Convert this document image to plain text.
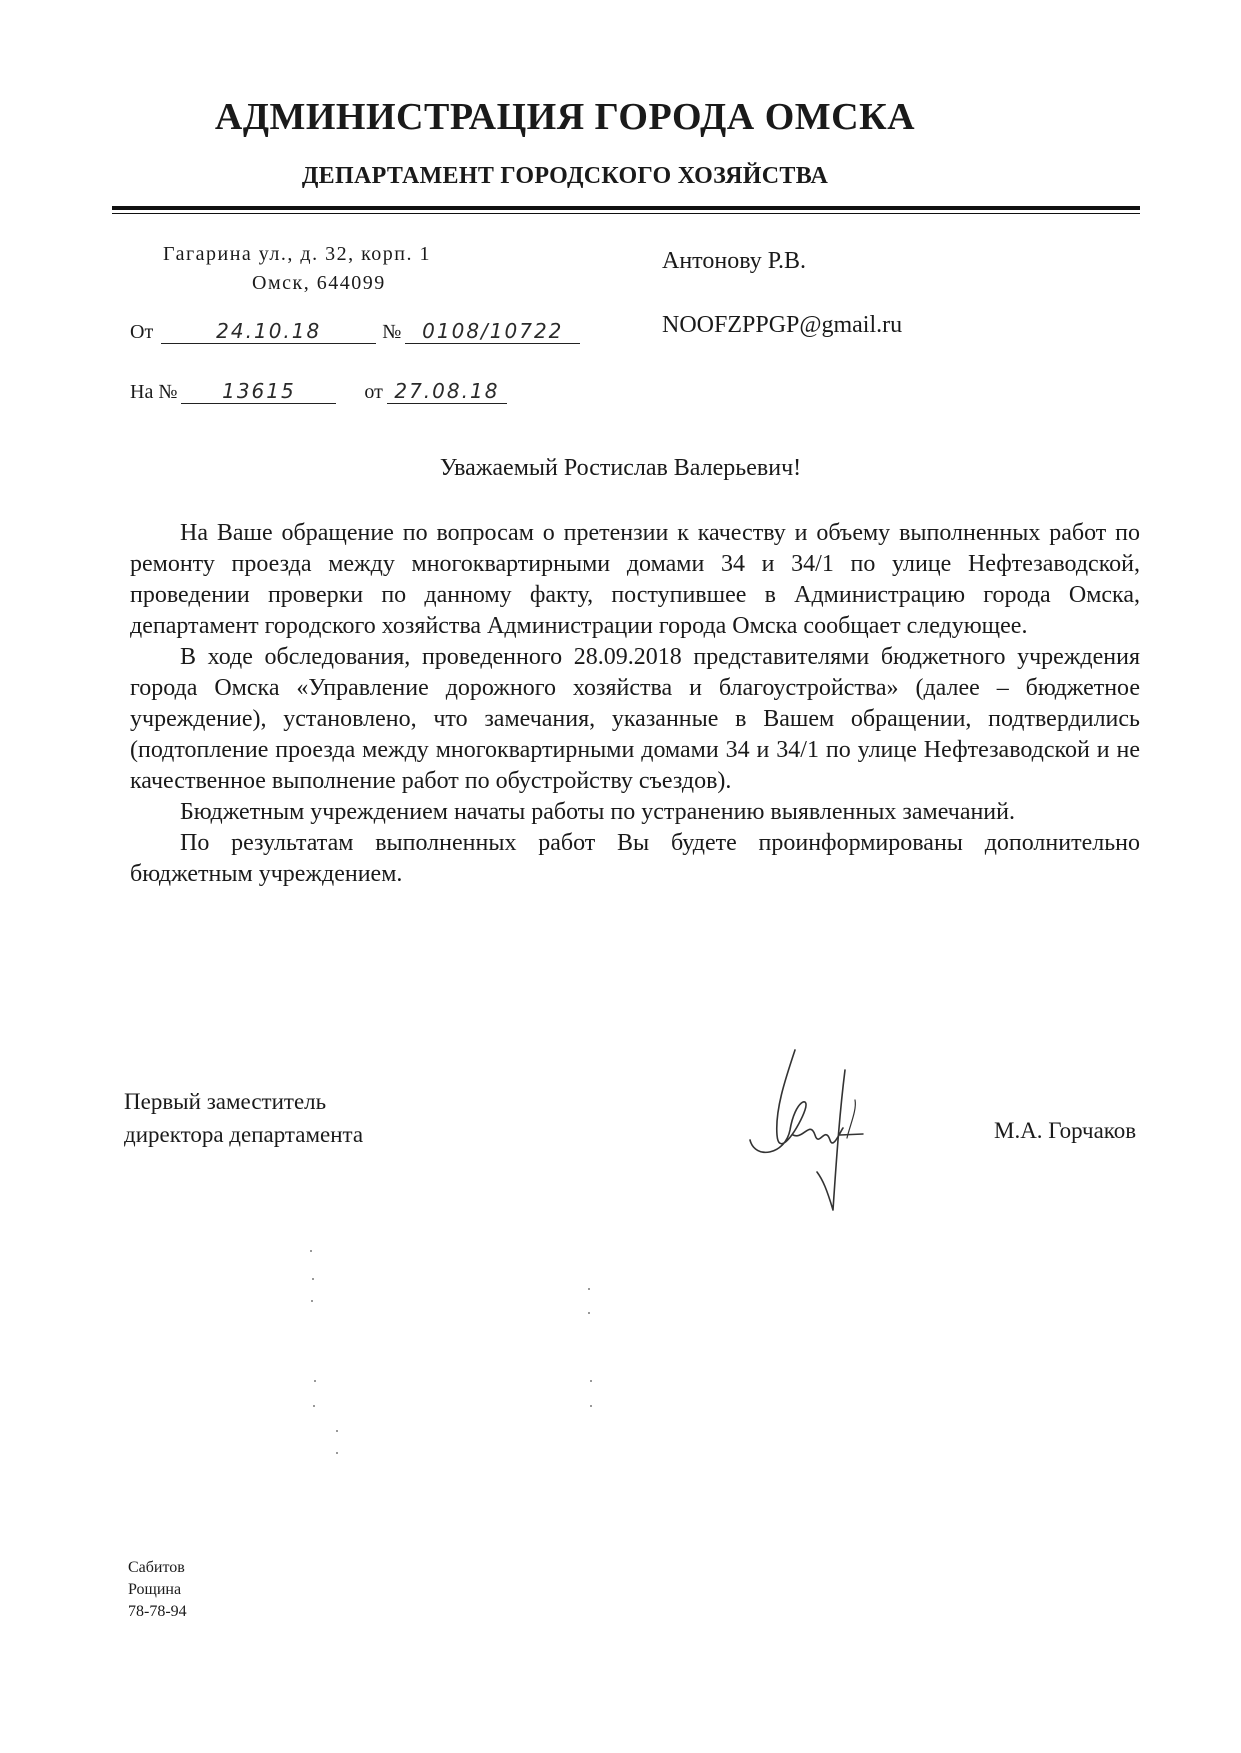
АДМИНИСТРАЦИЯ ГОРОДА ОМСКА
ДЕПАРТАМЕНТ ГОРОДСКОГО ХОЗЯЙСТВА
Гагарина ул., д. 32, корп. 1
Омск, 644099
От	24.10.18	№ 0108/10722
На № 13615	от 27.08.18
Антонову Р.В.
NOOFZPPGP@gmail.ru
Уважаемый Ростислав Валерьевич!

На Ваше обращение по вопросам о претензии к качеству и объему выполненных работ по ремонту проезда между многоквартирными домами 34 и 34/1 по улице Нефтезаводской, проведении проверки по данному факту, поступившее в Администрацию города Омска, департамент городского хозяйства Администрации города Омска сообщает следующее.

В ходе обследования, проведенного 28.09.2018 представителями бюджетного учреждения города Омска «Управление дорожного хозяйства и благоустройства» (далее – бюджетное учреждение), установлено, что замечания, указанные в Вашем обращении, подтвердились (подтопление проезда между многоквартирными домами 34 и 34/1 по улице Нефтезаводской и не качественное выполнение работ по обустройству съездов).

Бюджетным учреждением начаты работы по устранению выявленных замечаний.

По результатам выполненных работ Вы будете проинформированы дополнительно бюджетным учреждением.

Первый заместитель
директора департамента	М.А. Горчаков
Сабитов
Рощина
78-78-94
